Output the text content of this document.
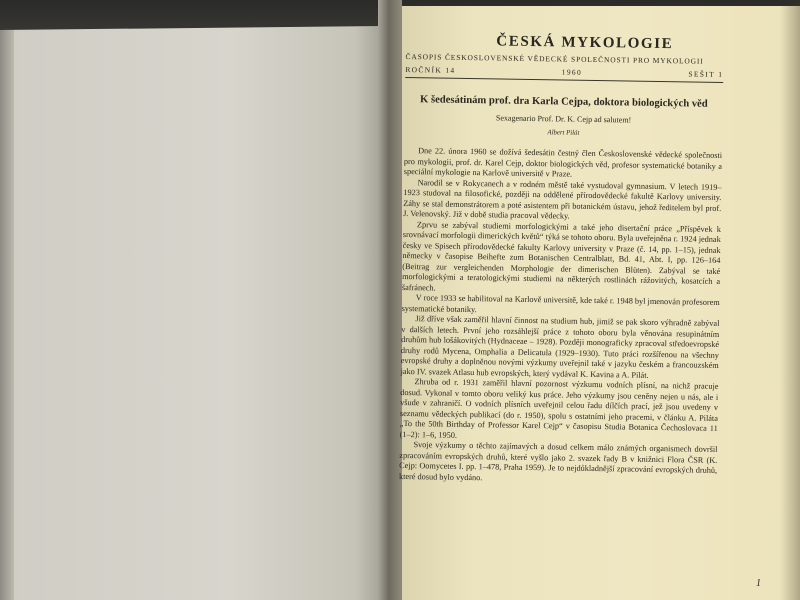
ČESKÁ MYKOLOGIE
ČASOPIS ČESKOSLOVENSKÉ VĚDECKÉ SPOLEČNOSTI PRO MYKOLOGII
ROČNÍK 14	1960	SEŠIT 1
K šedesátinám prof. dra Karla Cejpa, doktora biologických věd
Sexagenario Prof. Dr. K. Cejp ad salutem!
Albert Pilát

Dne 22. února 1960 se dožívá šedesátin čestný člen Československé vědecké společnosti pro mykologii, prof. dr. Karel Cejp, doktor biologických věd, profesor systematické botaniky a speciální mykologie na Karlově universitě v Praze.

Narodil se v Rokycanech a v rodném městě také vystudoval gymnasium. V letech 1919–1923 studoval na filosofické, později na oddělené přírodovědecké fakultě Karlovy university. Záhy se stal demonstrátorem a poté asistentem při botanickém ústavu, jehož ředitelem byl prof. J. Velenovský. Již v době studia pracoval vědecky.

Zprvu se zabýval studiemi morfologickými a také jeho disertační práce „Příspěvek k srovnávací morfologii dimerických květů“ týká se tohoto oboru. Byla uveřejněna r. 1924 jednak česky ve Spisech přírodovědecké fakulty Karlovy university v Praze (č. 14, pp. 1–15), jednak německy v časopise Beihefte zum Botanischen Centralblatt, Bd. 41, Abt. I, pp. 126–164 (Beitrag zur vergleichenden Morphologie der dimerischen Blüten). Zabýval se také morfologickými a teratologickými studiemi na některých rostlinách rážovitých, kosatcích a šafránech.

V roce 1933 se habilitoval na Karlově universitě, kde také r. 1948 byl jmenován profesorem systematické botaniky.

Již dříve však zaměřil hlavní činnost na studium hub, jimiž se pak skoro výhradně zabýval v dalších letech. První jeho rozsáhlejší práce z tohoto oboru byla věnována resupinátním druhům hub lošákovitých (Hydnaceae – 1928). Později monograficky zpracoval středoevropské druhy rodů Mycena, Omphalia a Delicatula (1929–1930). Tuto práci rozšířenou na všechny evropské druhy a doplněnou novými výzkumy uveřejnil také v jazyku českém a francouzském jako IV. svazek Atlasu hub evropských, který vydával K. Kavina a A. Pilát.

Zhruba od r. 1931 zaměřil hlavní pozornost výzkumu vodních plísní, na nichž pracuje dosud. Vykonal v tomto oboru veliký kus práce. Jeho výzkumy jsou ceněny nejen u nás, ale i všude v zahraničí. O vodních plísních uveřejnil celou řadu dílčích prací, jež jsou uvedeny v seznamu vědeckých publikací (do r. 1950), spolu s ostatními jeho pracemi, v článku A. Piláta „To the 50th Birthday of Professor Karel Cejp“ v časopisu Studia Botanica Čechoslovaca 11 (1–2): 1–6, 1950.

Svoje výzkumy o těchto zajímavých a dosud celkem málo známých organismech dovršil zpracováním evropských druhů, které vyšlo jako 2. svazek řady B v knižnici Flora ČSR (K. Cejp: Oomycetes I. pp. 1–478, Praha 1959). Je to nejdůkladnější zpracování evropských druhů, které dosud bylo vydáno.

1
